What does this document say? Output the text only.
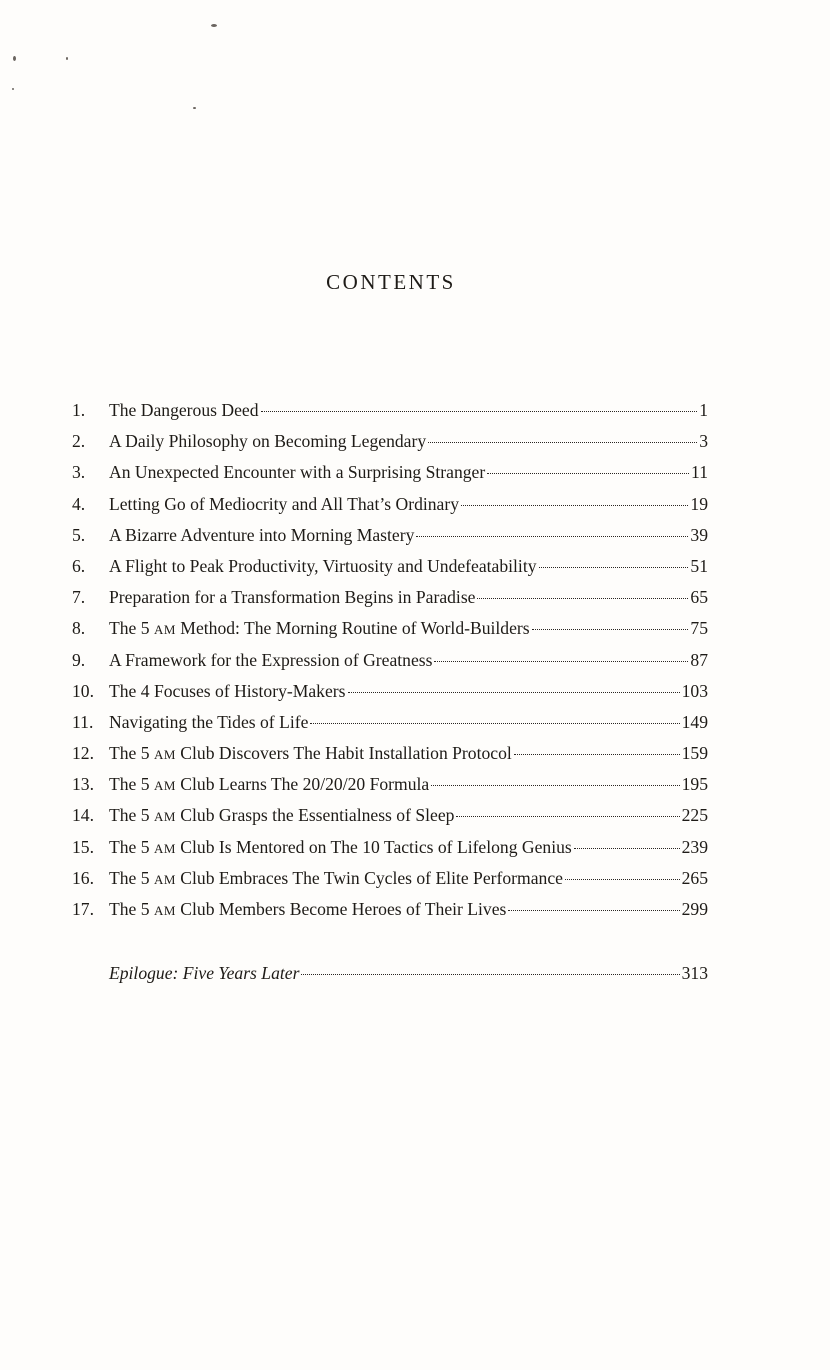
CONTENTS
1.	The Dangerous Deed	1
2.	A Daily Philosophy on Becoming Legendary	3
3.	An Unexpected Encounter with a Surprising Stranger	11
4.	Letting Go of Mediocrity and All That’s Ordinary	19
5.	A Bizarre Adventure into Morning Mastery	39
6.	A Flight to Peak Productivity, Virtuosity and Undefeatability	51
7.	Preparation for a Transformation Begins in Paradise	65
8.	The 5 AM Method: The Morning Routine of World-Builders	75
9.	A Framework for the Expression of Greatness	87
10. The 4 Focuses of History-Makers	103
11. Navigating the Tides of Life	149
12. The 5 AM Club Discovers The Habit Installation Protocol	159
13. The 5 AM Club Learns The 20/20/20 Formula	195
14. The 5 AM Club Grasps the Essentialness of Sleep	225
15. The 5 AM Club Is Mentored on The 10 Tactics of Lifelong Genius	239
16. The 5 AM Club Embraces The Twin Cycles of Elite Performance	265
17. The 5 AM Club Members Become Heroes of Their Lives	299
Epilogue: Five Years Later	313
